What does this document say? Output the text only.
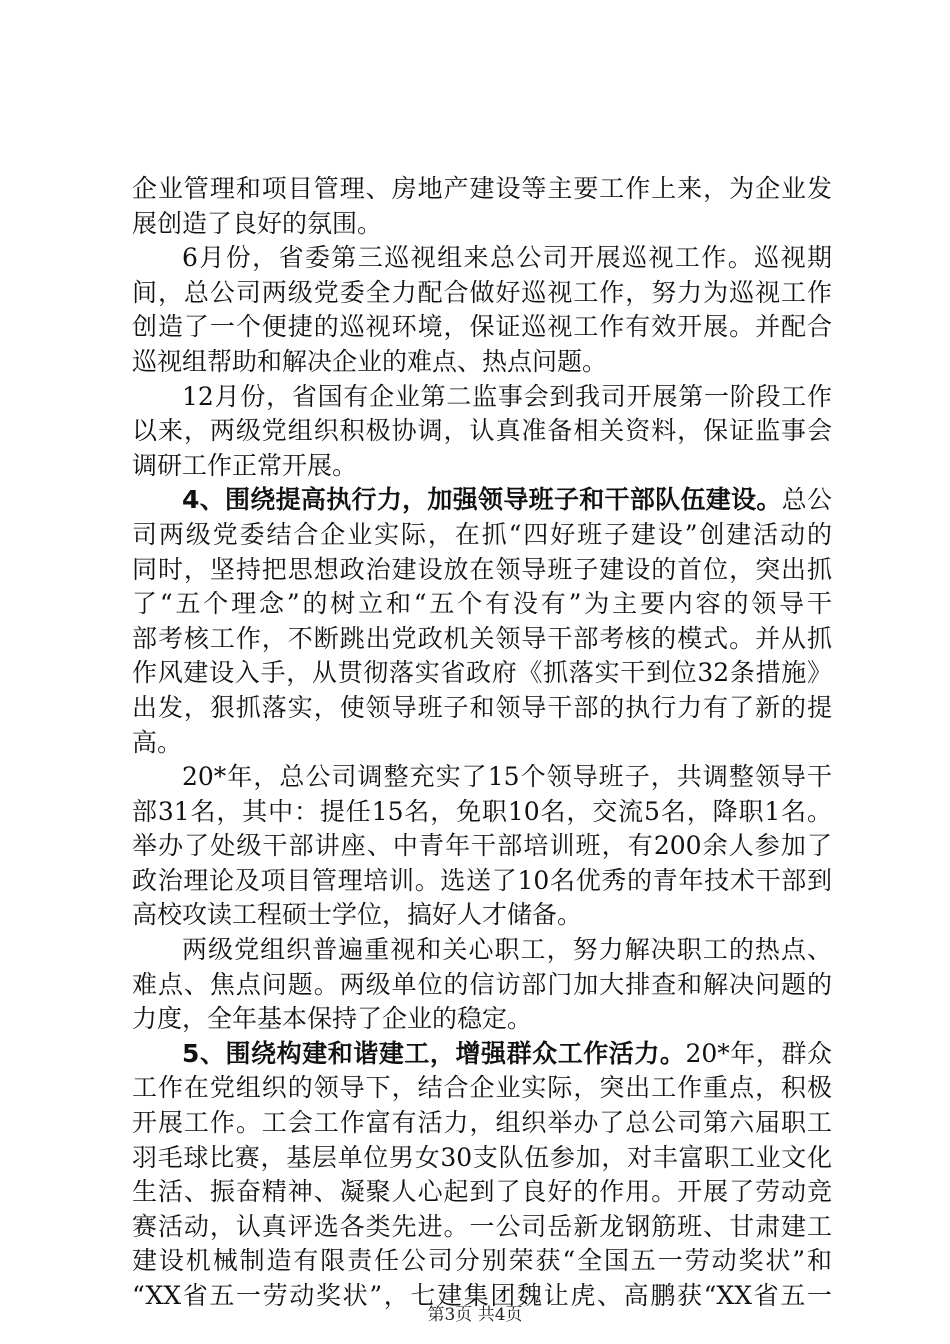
企业管理和项目管理、房地产建设等主要工作上来，为企业发
展创造了良好的氛围。
6月份，省委第三巡视组来总公司开展巡视工作。巡视期
间，总公司两级党委全力配合做好巡视工作，努力为巡视工作
创造了一个便捷的巡视环境，保证巡视工作有效开展。并配合
巡视组帮助和解决企业的难点、热点问题。
12月份，省国有企业第二监事会到我司开展第一阶段工作
以来，两级党组织积极协调，认真准备相关资料，保证监事会
调研工作正常开展。
4、围绕提高执行力，加强领导班子和干部队伍建设。总公
司两级党委结合企业实际，在抓“四好班子建设”创建活动的
同时，坚持把思想政治建设放在领导班子建设的首位，突出抓
了“五个理念”的树立和“五个有没有”为主要内容的领导干
部考核工作，不断跳出党政机关领导干部考核的模式。并从抓
作风建设入手，从贯彻落实省政府《抓落实干到位32条措施》
出发，狠抓落实，使领导班子和领导干部的执行力有了新的提
高。
20*年，总公司调整充实了15个领导班子，共调整领导干
部31名，其中：提任15名，免职10名，交流5名，降职1名。
举办了处级干部讲座、中青年干部培训班，有200余人参加了
政治理论及项目管理培训。选送了10名优秀的青年技术干部到
高校攻读工程硕士学位，搞好人才储备。
两级党组织普遍重视和关心职工，努力解决职工的热点、
难点、焦点问题。两级单位的信访部门加大排查和解决问题的
力度，全年基本保持了企业的稳定。
5、围绕构建和谐建工，增强群众工作活力。20*年，群众
工作在党组织的领导下，结合企业实际，突出工作重点，积极
开展工作。工会工作富有活力，组织举办了总公司第六届职工
羽毛球比赛，基层单位男女30支队伍参加，对丰富职工业文化
生活、振奋精神、凝聚人心起到了良好的作用。开展了劳动竞
赛活动，认真评选各类先进。一公司岳新龙钢筋班、甘肃建工
建设机械制造有限责任公司分别荣获“全国五一劳动奖状”和
“XX省五一劳动奖状”，七建集团魏让虎、高鹏获“XX省五一
第3页 共4页
